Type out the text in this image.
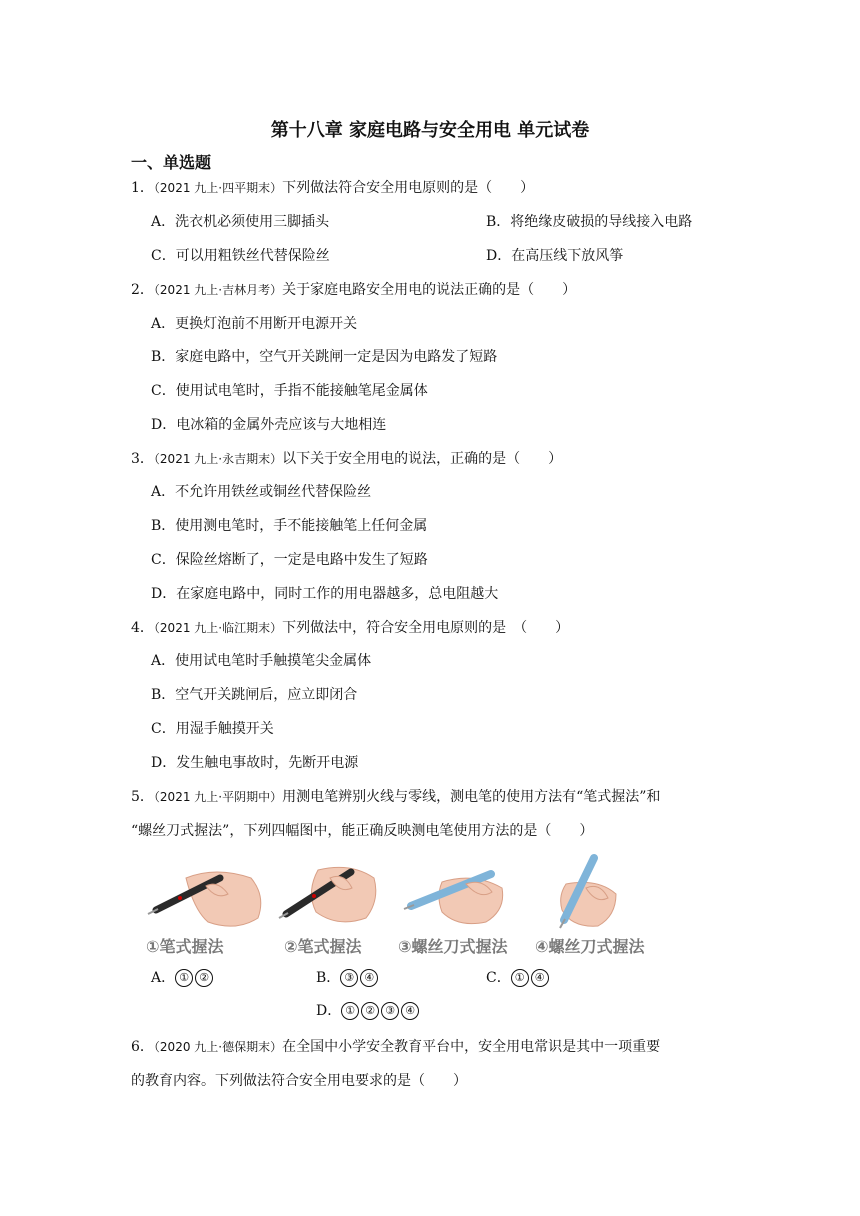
第十八章 家庭电路与安全用电 单元试卷
一、单选题
1．（2021 九上·四平期末）下列做法符合安全用电原则的是（　　）
A．洗衣机必须使用三脚插头	B．将绝缘皮破损的导线接入电路
C．可以用粗铁丝代替保险丝	D．在高压线下放风筝
2．（2021 九上·吉林月考）关于家庭电路安全用电的说法正确的是（　　）
A．更换灯泡前不用断开电源开关
B．家庭电路中，空气开关跳闸一定是因为电路发了短路
C．使用试电笔时，手指不能接触笔尾金属体
D．电冰箱的金属外壳应该与大地相连
3．（2021 九上·永吉期末）以下关于安全用电的说法，正确的是（　　）
A．不允许用铁丝或铜丝代替保险丝
B．使用测电笔时，手不能接触笔上任何金属
C．保险丝熔断了，一定是电路中发生了短路
D．在家庭电路中，同时工作的用电器越多，总电阻越大
4．（2021 九上·临江期末）下列做法中，符合安全用电原则的是　（　　）
A．使用试电笔时手触摸笔尖金属体
B．空气开关跳闸后，应立即闭合
C．用湿手触摸开关
D．发生触电事故时，先断开电源
5．（2021 九上·平阴期中）用测电笔辨别火线与零线，测电笔的使用方法有“笔式握法”和
“螺丝刀式握法”，下列四幅图中，能正确反映测电笔使用方法的是（　　）
①笔式握法	②笔式握法 ③螺丝刀式握法 ④螺丝刀式握法
A． ① ②	B． ③ ④	C． ① ④
D． ① ② ③ ④
6．（2020 九上·德保期末）在全国中小学安全教育平台中，安全用电常识是其中一项重要
的教育内容。下列做法符合安全用电要求的是（　　）
